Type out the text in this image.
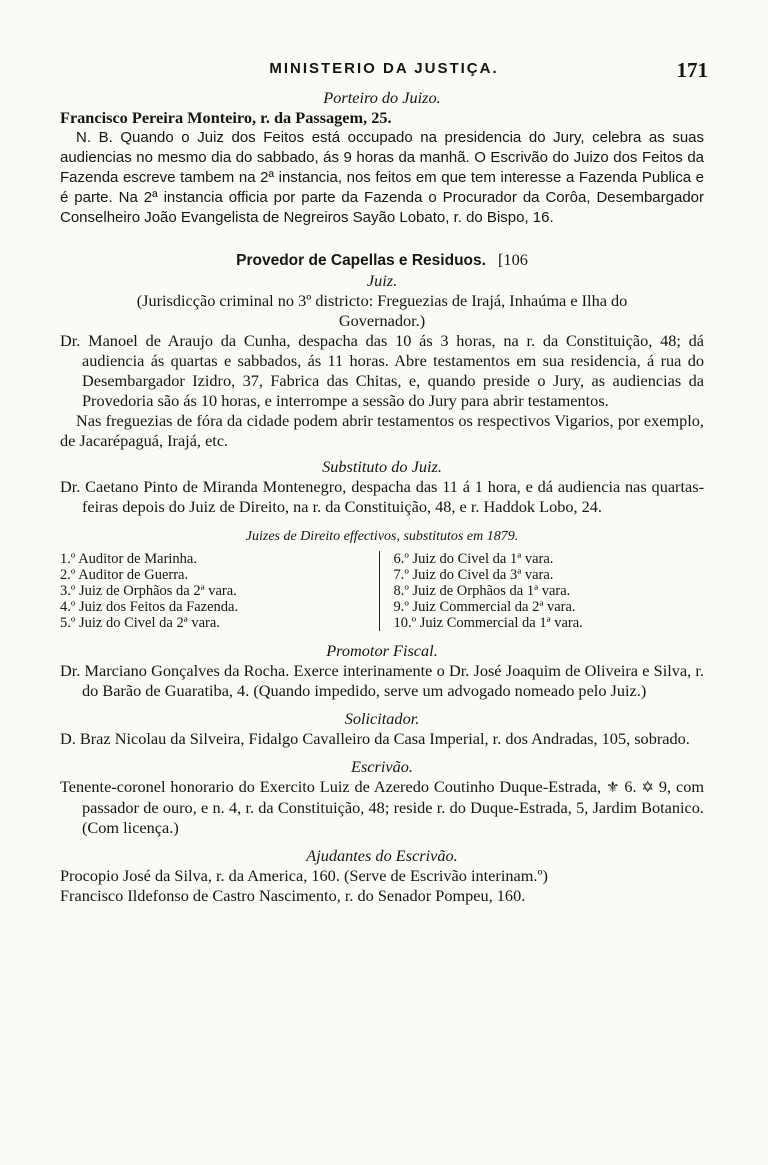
MINISTERIO DA JUSTIÇA.	171

Porteiro do Juizo.

Francisco Pereira Monteiro, r. da Passagem, 25.

N. B. Quando o Juiz dos Feitos está occupado na presidencia do Jury, celebra as suas audiencias no mesmo dia do sabbado, ás 9 horas da manhã. O Escrivão do Juizo dos Feitos da Fazenda escreve tambem na 2ª instancia, nos feitos em que tem interesse a Fazenda Publica e é parte. Na 2ª instancia officia por parte da Fazenda o Procurador da Corôa, Desembargador Conselheiro João Evangelista de Negreiros Sayão Lobato, r. do Bispo, 16.

Provedor de Capellas e Residuos. [106

Juiz.

(Jurisdicção criminal no 3º districto: Freguezias de Irajá, Inhaúma e Ilha do Governador.)

Dr. Manoel de Araujo da Cunha, despacha das 10 ás 3 horas, na r. da Constituição, 48; dá audiencia ás quartas e sabbados, ás 11 horas. Abre testamentos em sua residencia, á rua do Desembargador Izidro, 37, Fabrica das Chitas, e, quando preside o Jury, as audiencias da Provedoria são ás 10 horas, e interrompe a sessão do Jury para abrir testamentos.

Nas freguezias de fóra da cidade podem abrir testamentos os respectivos Vigarios, por exemplo, de Jacarépaguá, Irajá, etc.

Substituto do Juiz.

Dr. Caetano Pinto de Miranda Montenegro, despacha das 11 á 1 hora, e dá audiencia nas quartas-feiras depois do Juiz de Direito, na r. da Constituição, 48, e r. Haddok Lobo, 24.

Juizes de Direito effectivos, substitutos em 1879.

1.º Auditor de Marinha.
2.º Auditor de Guerra.
3.º Juiz de Orphãos da 2ª vara.
4.º Juiz dos Feitos da Fazenda.
5.º Juiz do Civel da 2ª vara.
6.º Juiz do Civel da 1ª vara.
7.º Juiz do Civel da 3ª vara.
8.º Juiz de Orphãos da 1ª vara.
9.º Juiz Commercial da 2ª vara.
10.º Juiz Commercial da 1ª vara.

Promotor Fiscal.

Dr. Marciano Gonçalves da Rocha. Exerce interinamente o Dr. José Joaquim de Oliveira e Silva, r. do Barão de Guaratiba, 4. (Quando impedido, serve um advogado nomeado pelo Juiz.)

Solicitador.

D. Braz Nicolau da Silveira, Fidalgo Cavalleiro da Casa Imperial, r. dos Andradas, 105, sobrado.

Escrivão.

Tenente-coronel honorario do Exercito Luiz de Azeredo Coutinho Duque-Estrada, ⚜ 6. ✡ 9, com passador de ouro, e n. 4, r. da Constituição, 48; reside r. do Duque-Estrada, 5, Jardim Botanico. (Com licença.)

Ajudantes do Escrivão.

Procopio José da Silva, r. da America, 160. (Serve de Escrivão interinam.º)

Francisco Ildefonso de Castro Nascimento, r. do Senador Pompeu, 160.
